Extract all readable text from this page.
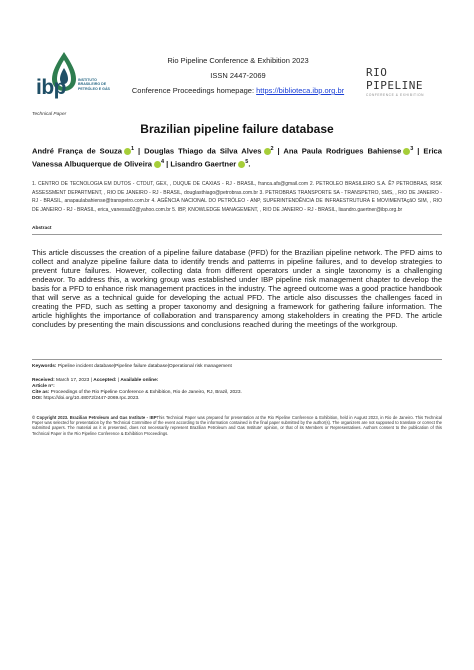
ibp	INSTITUTO BRASILEIRO DE PETRÓLEO E GÁS
RIO PIPELINE
CONFERENCE & EXHIBITION
Rio Pipeline Conference & Exhibition 2023
ISSN 2447-2069
Conference Proceedings homepage: https://biblioteca.ibp.org.br
Technical Paper
Brazilian pipeline failure database
André França de Souza $^1$ | Douglas Thiago da Silva Alves $^2$ | Ana Paula Rodrigues Bahiense $^3$ | Erica Vanessa Albuquerque de Oliveira $^4$ | Lisandro Gaertner $^5$.
1. CENTRO DE TECNOLOGIA EM DUTOS - CTDUT, GEX, , DUQUE DE CAXIAS - RJ - BRASIL, franca.afs@gmail.com 2. PETROLEO BRASILEIRO S.A. Ȅ? PETROBRAS, RISK ASSESSMENT DEPARTMENT, , RIO DE JANEIRO - RJ - BRASIL, douglasthiago@petrobras.com.br 3. PETROBRAS TRANSPORTE SA - TRANSPETRO, SMS, , RIO DE JANEIRO - RJ - BRASIL, anapaulabahiense@transpetro.com.br 4. AGÊNCIA NACIONAL DO PETRÓLEO - ANP, SUPERINTENDÊNCIA DE INFRAESTRUTURA E MOVIMENTAçãO SIM, , RIO DE JANEIRO - RJ - BRASIL, erica_vanessa02@yahoo.com.br 5. IBP, KNOWLEDGE MANAGEMENT, , RIO DE JANEIRO - RJ - BRASIL, lisandro.gaertner@ibp.org.br
Abstract
This article discusses the creation of a pipeline failure database (PFD) for the Brazilian pipeline network. The PFD aims to collect and analyze pipeline failure data to identify trends and patterns in pipeline failures, and to develop strategies to prevent future failures. However, collecting data from different operators under a single taxonomy is a challenging endeavor. To address this, a working group was established under IBP pipeline risk management chapter to develop the basis for a PFD to enhance risk management practices in the industry. The agreed outcome was a good practice handbook that will serve as a technical guide for developing the actual PFD. The article also discusses the challenges faced in creating the PFD, such as setting a proper taxonomy and designing a framework for gathering failure information. The article highlights the importance of collaboration and transparency among stakeholders in creating the PFD. The article concludes by presenting the main discussions and conclusions reached during the meetings of the workgroup.
Keywords: Pipeline incident database|Pipeline failure database|Operational risk management
Received: March 17, 2023 | Accepted: | Available online:
Article n°:
Cite as: Proceedings of the Rio Pipeline Conference & Exhibition, Rio de Janeiro, RJ, Brazil, 2023.
DOI: https://doi.org/10.48072/2447-2069.rpc.2023.
© Copyright 2023. Brazilian Petroleum and Gas Institute - IBPThis Technical Paper was prepared for presentation at the Rio Pipeline Conference & Exhibition, held in August 2023, in Rio de Janeiro. This Technical Paper was selected for presentation by the Technical Committee of the event according to the information contained in the final paper submitted by the author(s). The organizers are not supposed to translate or correct the submitted papers. The material as it is presented, does not necessarily represent Brazilian Petroleum and Gas Institute' opinion, or that of its Members or Representatives. Authors consent to the publication of this Technical Paper in the Rio Pipeline Conference & Exhibition Proceedings.
